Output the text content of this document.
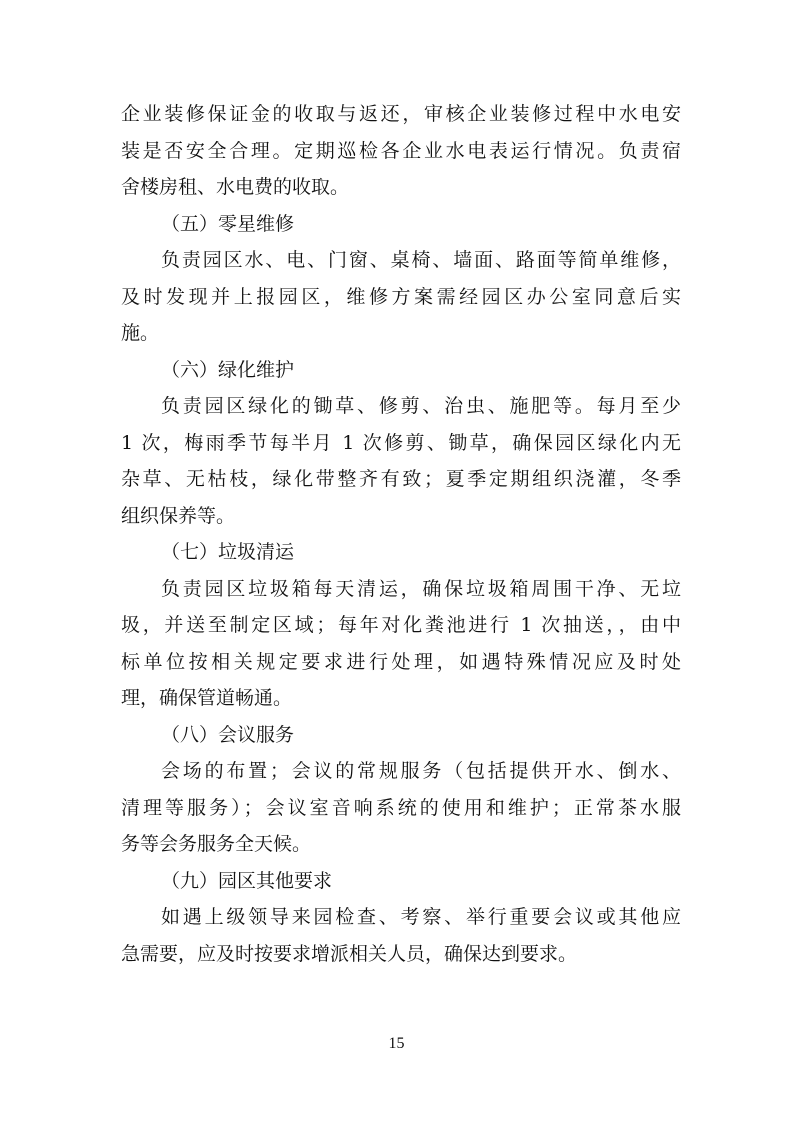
企业装修保证金的收取与返还，审核企业装修过程中水电安
装是否安全合理。定期巡检各企业水电表运行情况。负责宿
舍楼房租、水电费的收取。
（五）零星维修
负责园区水、电、门窗、桌椅、墙面、路面等简单维修，
及时发现并上报园区，维修方案需经园区办公室同意后实
施。
（六）绿化维护
负责园区绿化的锄草、修剪、治虫、施肥等。每月至少
1 次，梅雨季节每半月 1 次修剪、锄草，确保园区绿化内无
杂草、无枯枝，绿化带整齐有致；夏季定期组织浇灌，冬季
组织保养等。
（七）垃圾清运
负责园区垃圾箱每天清运，确保垃圾箱周围干净、无垃
圾，并送至制定区域；每年对化粪池进行 1 次抽送，，由中
标单位按相关规定要求进行处理，如遇特殊情况应及时处
理，确保管道畅通。
（八）会议服务
会场的布置；会议的常规服务（包括提供开水、倒水、
清理等服务）；会议室音响系统的使用和维护；正常茶水服
务等会务服务全天候。
（九）园区其他要求
如遇上级领导来园检查、考察、举行重要会议或其他应
急需要，应及时按要求增派相关人员，确保达到要求。
15
